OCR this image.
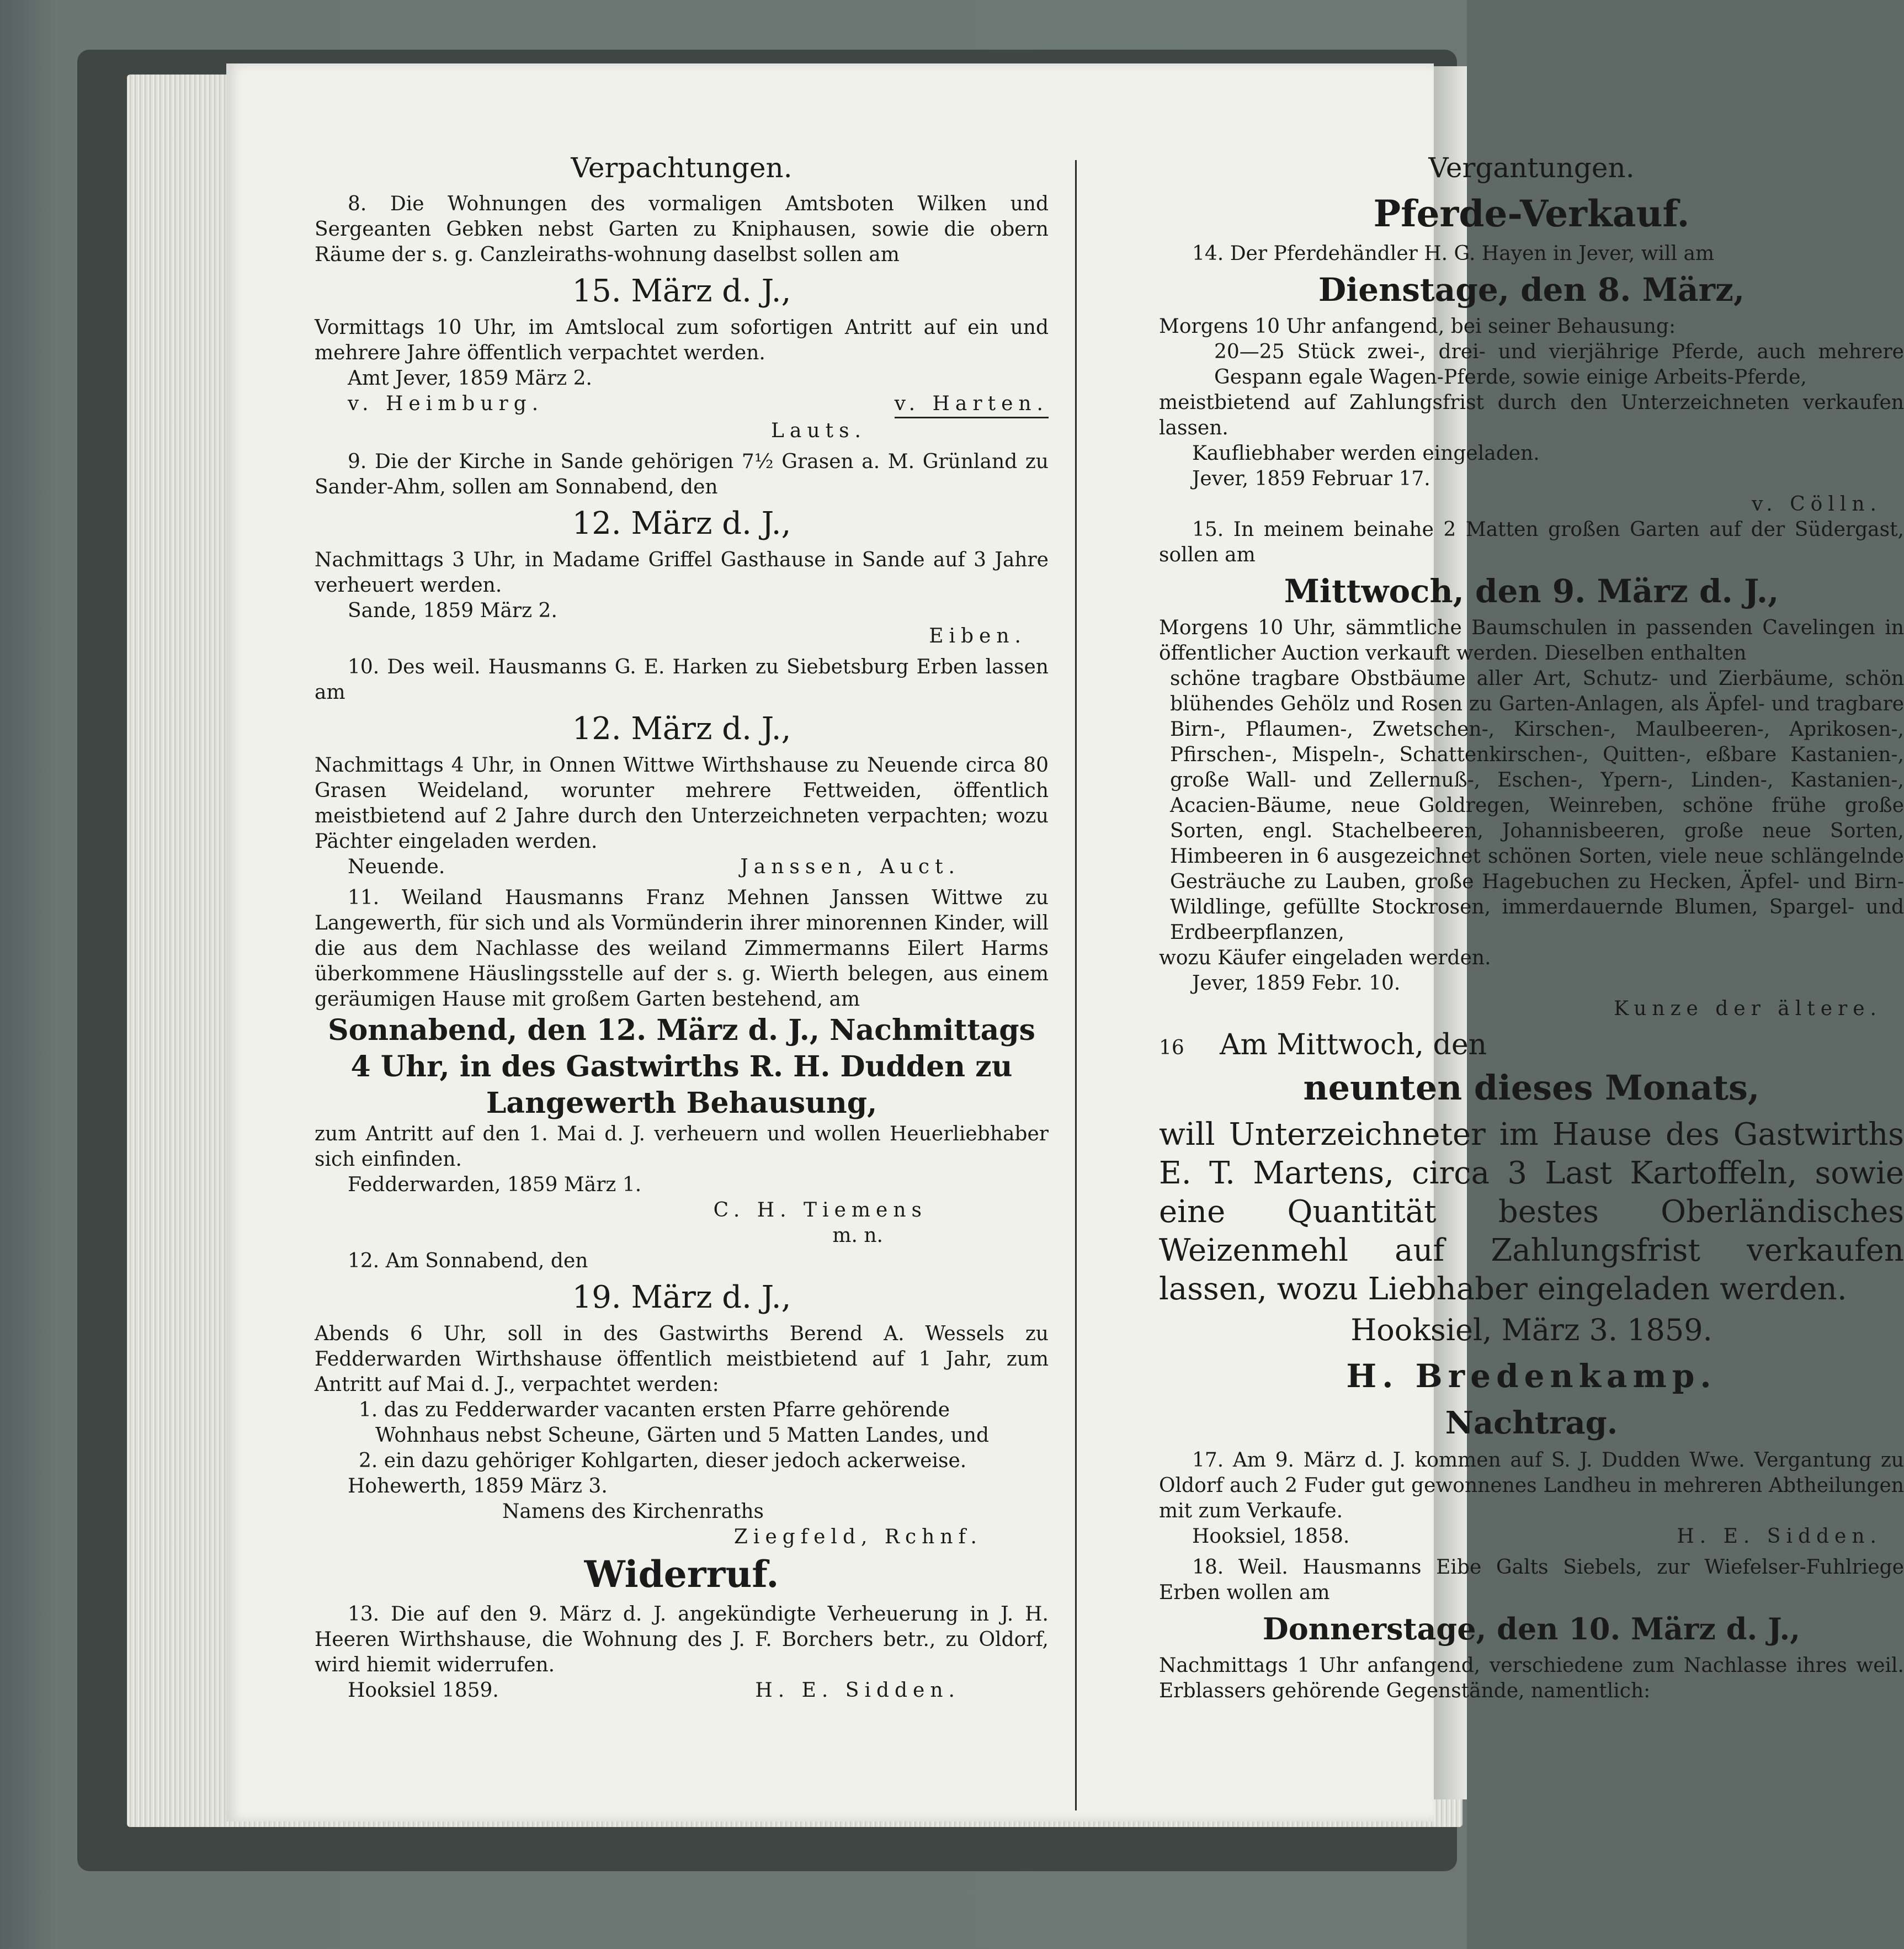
Verpachtungen.

8. Die Wohnungen des vormaligen Amtsboten Wilken und Sergeanten Gebken nebst Garten zu Kniphausen, sowie die obern Räume der s. g. Canzleiraths-wohnung daselbst sollen am

15. März d. J.,

Vormittags 10 Uhr, im Amtslocal zum sofortigen Antritt auf ein und mehrere Jahre öffentlich verpachtet werden.

Amt Jever, 1859 März 2.

v. Heimburg.	v. Harten.

Lauts.

9. Die der Kirche in Sande gehörigen 7½ Grasen a. M. Grünland zu Sander-Ahm, sollen am Sonnabend, den

12. März d. J.,

Nachmittags 3 Uhr, in Madame Griffel Gasthause in Sande auf 3 Jahre verheuert werden.

Sande, 1859 März 2.

Eiben.

10. Des weil. Hausmanns G. E. Harken zu Siebetsburg Erben lassen am

12. März d. J.,

Nachmittags 4 Uhr, in Onnen Wittwe Wirthshause zu Neuende circa 80 Grasen Weideland, worunter mehrere Fettweiden, öffentlich meistbietend auf 2 Jahre durch den Unterzeichneten verpachten; wozu Pächter eingeladen werden.

Neuende.	Janssen, Auct.

11. Weiland Hausmanns Franz Mehnen Janssen Wittwe zu Langewerth, für sich und als Vormünderin ihrer minorennen Kinder, will die aus dem Nachlasse des weiland Zimmermanns Eilert Harms überkommene Häuslingsstelle auf der s. g. Wierth belegen, aus einem geräumigen Hause mit großem Garten bestehend, am

Sonnabend, den 12. März d. J., Nachmittags 4 Uhr, in des Gastwirths R. H. Dudden zu Langewerth Behausung,

zum Antritt auf den 1. Mai d. J. verheuern und wollen Heuerliebhaber sich einfinden.

Fedderwarden, 1859 März 1.

C. H. Tiemens

m. n.

12. Am Sonnabend, den

19. März d. J.,

Abends 6 Uhr, soll in des Gastwirths Berend A. Wessels zu Fedderwarden Wirthshause öffentlich meistbietend auf 1 Jahr, zum Antritt auf Mai d. J., verpachtet werden:

1. das zu Fedderwarder vacanten ersten Pfarre gehörende Wohnhaus nebst Scheune, Gärten und 5 Matten Landes, und

2. ein dazu gehöriger Kohlgarten, dieser jedoch ackerweise.

Hohewerth, 1859 März 3.

Namens des Kirchenraths

Ziegfeld, Rchnf.

Widerruf.

13. Die auf den 9. März d. J. angekündigte Verheuerung in J. H. Heeren Wirthshause, die Wohnung des J. F. Borchers betr., zu Oldorf, wird hiemit widerrufen.

Hooksiel 1859.	H. E. Sidden.
Vergantungen.
Pferde-Verkauf.

14. Der Pferdehändler H. G. Hayen in Jever, will am

Dienstage, den 8. März,

Morgens 10 Uhr anfangend, bei seiner Behausung:

20—25 Stück zwei-, drei- und vierjährige Pferde, auch mehrere Gespann egale Wagen-Pferde, sowie einige Arbeits-Pferde,

meistbietend auf Zahlungsfrist durch den Unterzeichneten verkaufen lassen.

Kaufliebhaber werden eingeladen.

Jever, 1859 Februar 17.

v. Cölln.

15. In meinem beinahe 2 Matten großen Garten auf der Südergast, sollen am

Mittwoch, den 9. März d. J.,

Morgens 10 Uhr, sämmtliche Baumschulen in passenden Cavelingen in öffentlicher Auction verkauft werden. Dieselben enthalten

schöne tragbare Obstbäume aller Art, Schutz- und Zierbäume, schön blühendes Gehölz und Rosen zu Garten-Anlagen, als Äpfel- und tragbare Birn-, Pflaumen-, Zwetschen-, Kirschen-, Maulbeeren-, Aprikosen-, Pfirschen-, Mispeln-, Schattenkirschen-, Quitten-, eßbare Kastanien-, große Wall- und Zellernuß-, Eschen-, Ypern-, Linden-, Kastanien-, Acacien-Bäume, neue Goldregen, Weinreben, schöne frühe große Sorten, engl. Stachelbeeren, Johannisbeeren, große neue Sorten, Himbeeren in 6 ausgezeichnet schönen Sorten, viele neue schlängelnde Gesträuche zu Lauben, große Hagebuchen zu Hecken, Äpfel- und Birn-Wildlinge, gefüllte Stockrosen, immerdauernde Blumen, Spargel- und Erdbeerpflanzen,

wozu Käufer eingeladen werden.

Jever, 1859 Febr. 10.

Kunze der ältere.

16	Am Mittwoch, den
neunten dieses Monats,

will Unterzeichneter im Hause des Gastwirths E. T. Martens, circa 3 Last Kartoffeln, sowie eine Quantität bestes Oberländisches Weizenmehl auf Zahlungsfrist verkaufen lassen, wozu Liebhaber eingeladen werden.

Hooksiel, März 3. 1859.
H. Bredenkamp.
Nachtrag.

17. Am 9. März d. J. kommen auf S. J. Dudden Wwe. Vergantung zu Oldorf auch 2 Fuder gut gewonnenes Landheu in mehreren Abtheilungen mit zum Verkaufe.

Hooksiel, 1858.	H. E. Sidden.

18. Weil. Hausmanns Eibe Galts Siebels, zur Wiefelser-Fuhlriege Erben wollen am

Donnerstage, den 10. März d. J.,

Nachmittags 1 Uhr anfangend, verschiedene zum Nachlasse ihres weil. Erblassers gehörende Gegenstände, namentlich:
